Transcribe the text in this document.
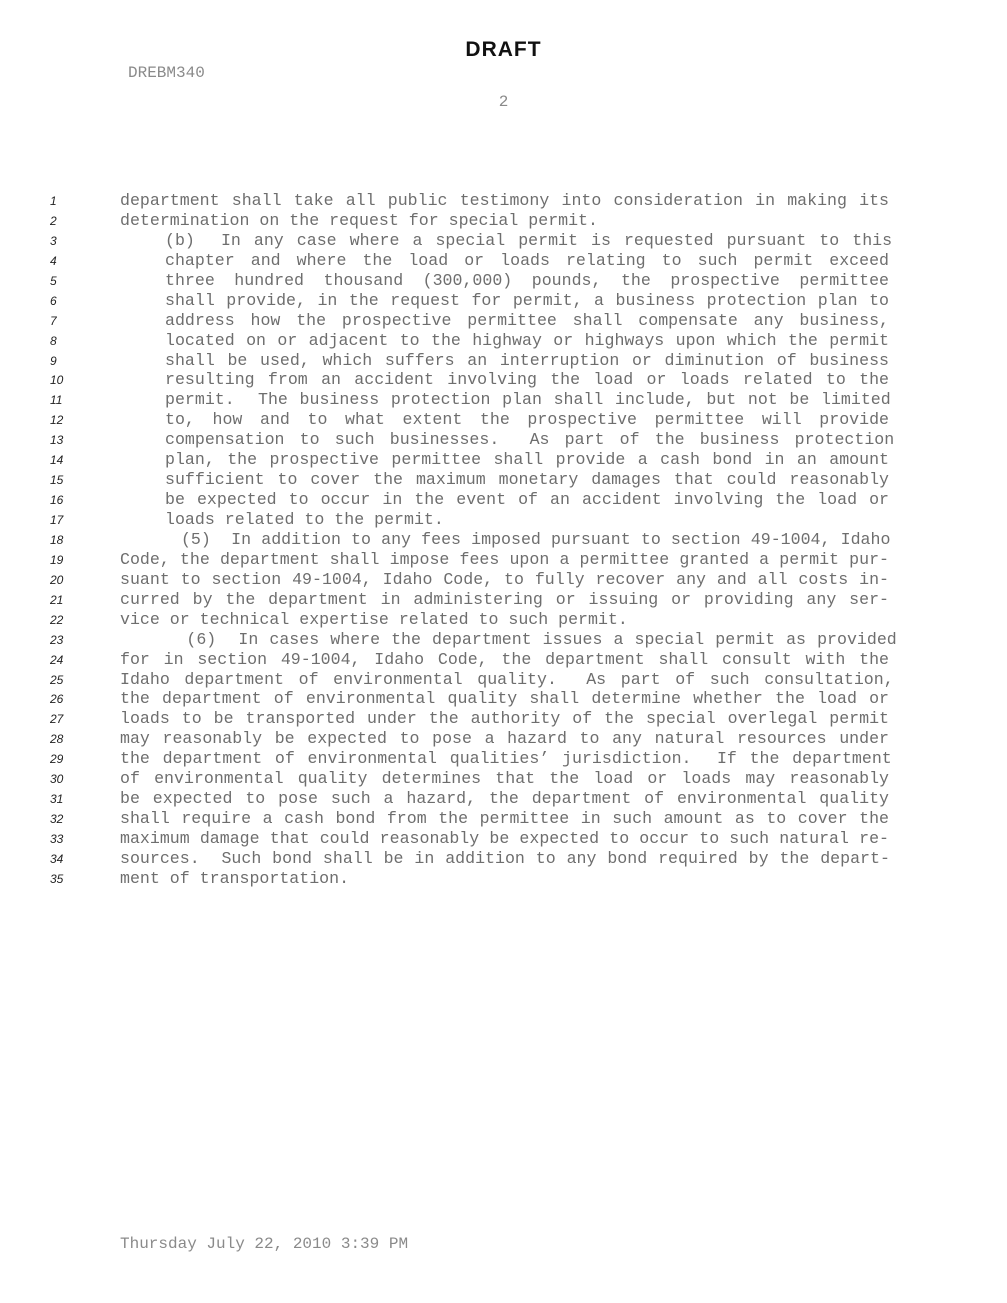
DRAFT
DREBM340
2
1	department shall take all public testimony into consideration in making its
2	determination on the request for special permit.
3	(b)  In any case where a special permit is requested pursuant to this
4	chapter and where the load or loads relating to such permit exceed
5	three hundred thousand (300,000) pounds, the prospective permittee
6	shall provide, in the request for permit, a business protection plan to
7	address how the prospective permittee shall compensate any business,
8	located on or adjacent to the highway or highways upon which the permit
9	shall be used, which suffers an interruption or diminution of business
10	resulting from an accident involving the load or loads related to the
11	permit.  The business protection plan shall include, but not be limited
12	to, how and to what extent the prospective permittee will provide
13	compensation to such businesses.  As part of the business protection
14	plan, the prospective permittee shall provide a cash bond in an amount
15	sufficient to cover the maximum monetary damages that could reasonably
16	be expected to occur in the event of an accident involving the load or
17	loads related to the permit.
18	(5)  In addition to any fees imposed pursuant to section 49-1004, Idaho
19	Code, the department shall impose fees upon a permittee granted a permit pur-
20	suant to section 49-1004, Idaho Code, to fully recover any and all costs in-
21	curred by the department in administering or issuing or providing any ser-
22	vice or technical expertise related to such permit.
23	(6)  In cases where the department issues a special permit as provided
24	for in section 49-1004, Idaho Code, the department shall consult with the
25	Idaho department of environmental quality.  As part of such consultation,
26	the department of environmental quality shall determine whether the load or
27	loads to be transported under the authority of the special overlegal permit
28	may reasonably be expected to pose a hazard to any natural resources under
29	the department of environmental qualities’ jurisdiction.  If the department
30	of environmental quality determines that the load or loads may reasonably
31	be expected to pose such a hazard, the department of environmental quality
32	shall require a cash bond from the permittee in such amount as to cover the
33	maximum damage that could reasonably be expected to occur to such natural re-
34	sources.  Such bond shall be in addition to any bond required by the depart-
35	ment of transportation.
Thursday July 22, 2010 3:39 PM
